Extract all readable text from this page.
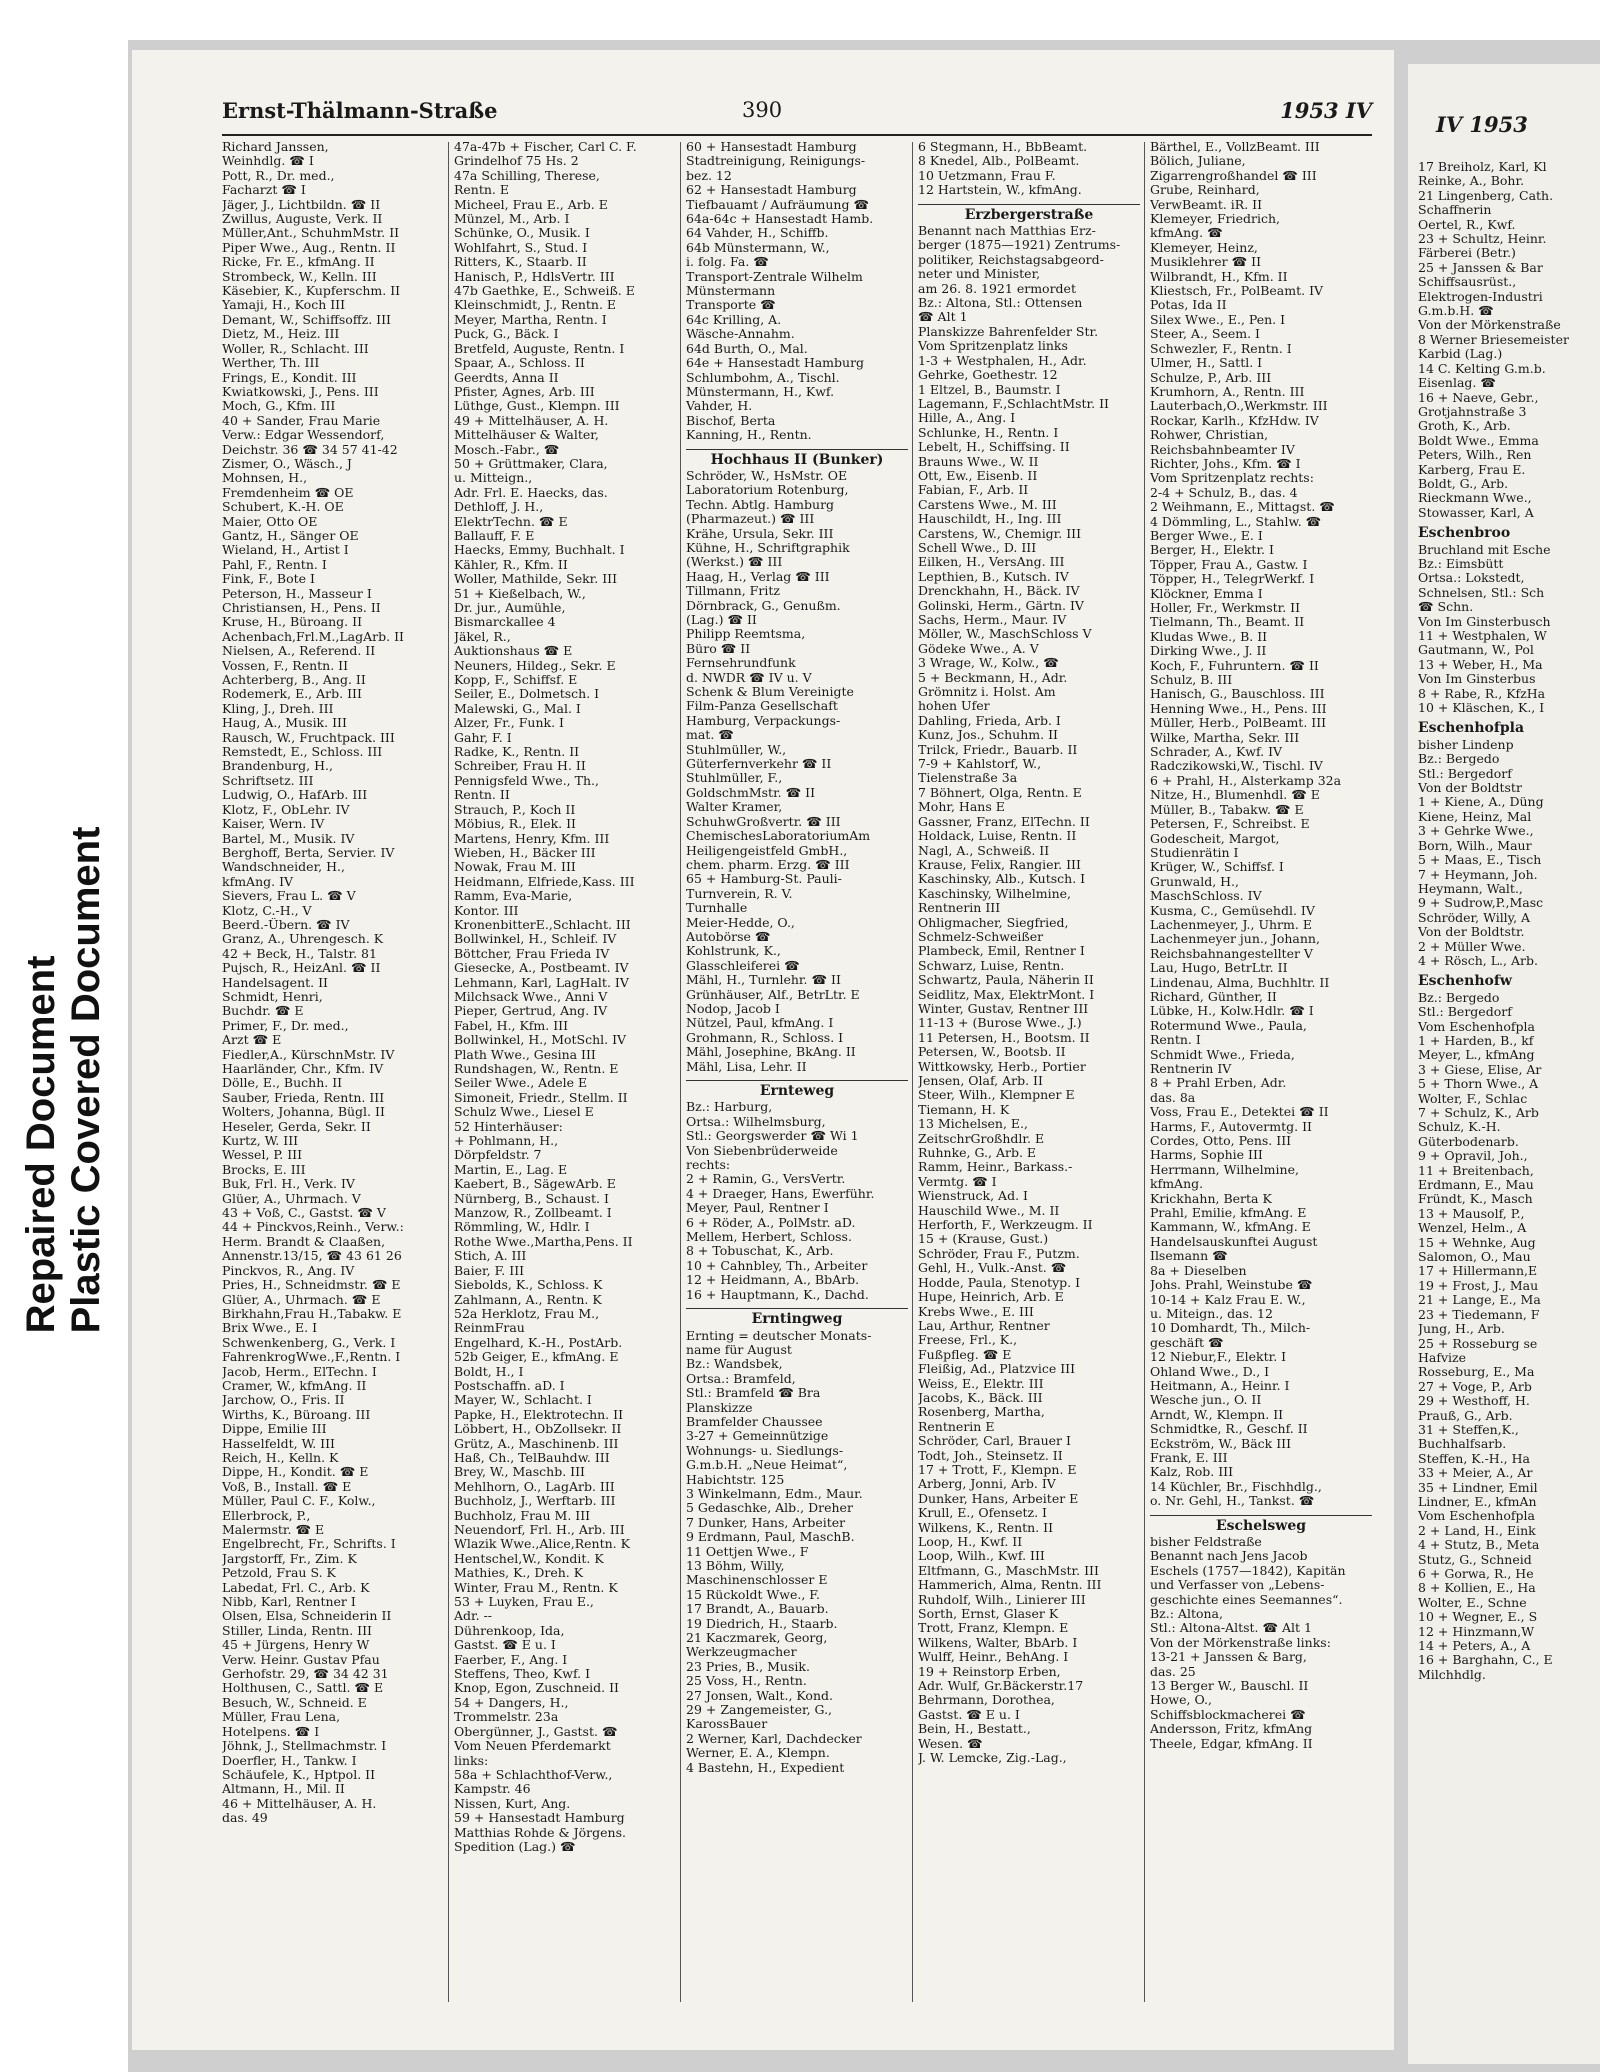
Repaired Document Plastic Covered Document
Ernst-Thälmann-Straße	390	1953 IV
Richard Janssen,
Weinhdlg. ☎ I
Pott, R., Dr. med.,
Facharzt ☎ I
Jäger, J., Lichtbildn. ☎ II
Zwillus, Auguste, Verk. II
Müller,Ant., SchuhmMstr. II
Piper Wwe., Aug., Rentn. II
Ricke, Fr. E., kfmAng. II
Strombeck, W., Kelln. III
Käsebier, K., Kupferschm. II
Yamaji, H., Koch III
Demant, W., Schiffsoffz. III
Dietz, M., Heiz. III
Woller, R., Schlacht. III
Werther, Th. III
Frings, E., Kondit. III
Kwiatkowski, J., Pens. III
Moch, G., Kfm. III
40 + Sander, Frau Marie
Verw.: Edgar Wessendorf,
Deichstr. 36 ☎ 34 57 41-42
Zismer, O., Wäsch., J
Mohnsen, H.,
Fremdenheim ☎ OE
Schubert, K.-H. OE
Maier, Otto OE
Gantz, H., Sänger OE
Wieland, H., Artist I
Pahl, F., Rentn. I
Fink, F., Bote I
Peterson, H., Masseur I
Christiansen, H., Pens. II
Kruse, H., Büroang. II
Achenbach,Frl.M.,LagArb. II
Nielsen, A., Referend. II
Vossen, F., Rentn. II
Achterberg, B., Ang. II
Rodemerk, E., Arb. III
Kling, J., Dreh. III
Haug, A., Musik. III
Rausch, W., Fruchtpack. III
Remstedt, E., Schloss. III
Brandenburg, H.,
Schriftsetz. III
Ludwig, O., HafArb. III
Klotz, F., ObLehr. IV
Kaiser, Wern. IV
Bartel, M., Musik. IV
Berghoff, Berta, Servier. IV
Wandschneider, H.,
kfmAng. IV
Sievers, Frau L. ☎ V
Klotz, C.-H., V
Beerd.-Übern. ☎ IV
Granz, A., Uhrengesch. K
42 + Beck, H., Talstr. 81
Pujsch, R., HeizAnl. ☎ II
Handelsagent. II
Schmidt, Henri,
Buchdr. ☎ E
Primer, F., Dr. med.,
Arzt ☎ E
Fiedler,A., KürschnMstr. IV
Haarländer, Chr., Kfm. IV
Dölle, E., Buchh. II
Sauber, Frieda, Rentn. III
Wolters, Johanna, Bügl. II
Heseler, Gerda, Sekr. II
Kurtz, W. III
Wessel, P. III
Brocks, E. III
Buk, Frl. H., Verk. IV
Glüer, A., Uhrmach. V
43 + Voß, C., Gastst. ☎ V
44 + Pinckvos,Reinh., Verw.:
Herm. Brandt & Claaßen,
Annenstr.13/15, ☎ 43 61 26
Pinckvos, R., Ang. IV
Pries, H., Schneidmstr. ☎ E
Glüer, A., Uhrmach. ☎ E
Birkhahn,Frau H.,Tabakw. E
Brix Wwe., E. I
Schwenkenberg, G., Verk. I
FahrenkrogWwe.,F.,Rentn. I
Jacob, Herm., ElTechn. I
Cramer, W., kfmAng. II
Jarchow, O., Fris. II
Wirths, K., Büroang. III
Dippe, Emilie III
Hasselfeldt, W. III
Reich, H., Kelln. K
Dippe, H., Kondit. ☎ E
Voß, B., Install. ☎ E
Müller, Paul C. F., Kolw.,
Ellerbrock, P.,
Malermstr. ☎ E
Engelbrecht, Fr., Schrifts. I
Jargstorff, Fr., Zim. K
Petzold, Frau S. K
Labedat, Frl. C., Arb. K
Nibb, Karl, Rentner I
Olsen, Elsa, Schneiderin II
Stiller, Linda, Rentn. III
45 + Jürgens, Henry W
Verw. Heinr. Gustav Pfau
Gerhofstr. 29, ☎ 34 42 31
Holthusen, C., Sattl. ☎ E
Besuch, W., Schneid. E
Müller, Frau Lena,
Hotelpens. ☎ I
Jöhnk, J., Stellmachmstr. I
Doerfler, H., Tankw. I
Schäufele, K., Hptpol. II
Altmann, H., Mil. II
46 + Mittelhäuser, A. H.
das. 49
47a-47b + Fischer, Carl C. F.
Grindelhof 75 Hs. 2
47a Schilling, Therese,
Rentn. E
Micheel, Frau E., Arb. E
Münzel, M., Arb. I
Schünke, O., Musik. I
Wohlfahrt, S., Stud. I
Ritters, K., Staarb. II
Hanisch, P., HdlsVertr. III
47b Gaethke, E., Schweiß. E
Kleinschmidt, J., Rentn. E
Meyer, Martha, Rentn. I
Puck, G., Bäck. I
Bretfeld, Auguste, Rentn. I
Spaar, A., Schloss. II
Geerdts, Anna II
Pfister, Agnes, Arb. III
Lüthge, Gust., Klempn. III
49 + Mittelhäuser, A. H.
Mittelhäuser & Walter,
Mosch.-Fabr., ☎
50 + Grüttmaker, Clara,
u. Mitteign.,
Adr. Frl. E. Haecks, das.
Dethloff, J. H.,
ElektrTechn. ☎ E
Ballauff, F. E
Haecks, Emmy, Buchhalt. I
Kähler, R., Kfm. II
Woller, Mathilde, Sekr. III
51 + Kießelbach, W.,
Dr. jur., Aumühle,
Bismarckallee 4
Jäkel, R.,
Auktionshaus ☎ E
Neuners, Hildeg., Sekr. E
Kopp, F., Schiffsf. E
Seiler, E., Dolmetsch. I
Malewski, G., Mal. I
Alzer, Fr., Funk. I
Gahr, F. I
Radke, K., Rentn. II
Schreiber, Frau H. II
Pennigsfeld Wwe., Th.,
Rentn. II
Strauch, P., Koch II
Möbius, R., Elek. II
Martens, Henry, Kfm. III
Wieben, H., Bäcker III
Nowak, Frau M. III
Heidmann, Elfriede,Kass. III
Ramm, Eva-Marie,
Kontor. III
KronenbitterE.,Schlacht. III
Bollwinkel, H., Schleif. IV
Böttcher, Frau Frieda IV
Giesecke, A., Postbeamt. IV
Lehmann, Karl, LagHalt. IV
Milchsack Wwe., Anni V
Pieper, Gertrud, Ang. IV
Fabel, H., Kfm. III
Bollwinkel, H., MotSchl. IV
Plath Wwe., Gesina III
Rundshagen, W., Rentn. E
Seiler Wwe., Adele E
Simoneit, Friedr., Stellm. II
Schulz Wwe., Liesel E
52 Hinterhäuser:
+ Pohlmann, H.,
Dörpfeldstr. 7
Martin, E., Lag. E
Kaebert, B., SägewArb. E
Nürnberg, B., Schaust. I
Manzow, R., Zollbeamt. I
Römmling, W., Hdlr. I
Rothe Wwe.,Martha,Pens. II
Stich, A. III
Baier, F. III
Siebolds, K., Schloss. K
Zahlmann, A., Rentn. K
52a Herklotz, Frau M.,
ReinmFrau
Engelhard, K.-H., PostArb.
52b Geiger, E., kfmAng. E
Boldt, H., I
Postschaffn. aD. I
Mayer, W., Schlacht. I
Papke, H., Elektrotechn. II
Löbbert, H., ObZollsekr. II
Grütz, A., Maschinenb. III
Haß, Ch., TelBauhdw. III
Brey, W., Maschb. III
Mehlhorn, O., LagArb. III
Buchholz, J., Werftarb. III
Buchholz, Frau M. III
Neuendorf, Frl. H., Arb. III
Wlazik Wwe.,Alice,Rentn. K
Hentschel,W., Kondit. K
Mathies, K., Dreh. K
Winter, Frau M., Rentn. K
53 + Luyken, Frau E.,
Adr. --
Dührenkoop, Ida,
Gastst. ☎ E u. I
Faerber, F., Ang. I
Steffens, Theo, Kwf. I
Knop, Egon, Zuschneid. II
54 + Dangers, H.,
Trommelstr. 23a
Obergünner, J., Gastst. ☎
Vom Neuen Pferdemarkt
links:
58a + Schlachthof-Verw.,
Kampstr. 46
Nissen, Kurt, Ang.
59 + Hansestadt Hamburg
Matthias Rohde & Jörgens.
Spedition (Lag.) ☎
60 + Hansestadt Hamburg
Stadtreinigung, Reinigungs-
bez. 12
62 + Hansestadt Hamburg
Tiefbauamt / Aufräumung ☎
64a-64c + Hansestadt Hamb.
64 Vahder, H., Schiffb.
64b Münstermann, W.,
i. folg. Fa. ☎
Transport-Zentrale Wilhelm
Münstermann
Transporte ☎
64c Krilling, A.
Wäsche-Annahm.
64d Burth, O., Mal.
64e + Hansestadt Hamburg
Schlumbohm, A., Tischl.
Münstermann, H., Kwf.
Vahder, H.
Bischof, Berta
Kanning, H., Rentn.
Hochhaus II (Bunker)
Schröder, W., HsMstr. OE
Laboratorium Rotenburg,
Techn. Abtlg. Hamburg
(Pharmazeut.) ☎ III
Krähe, Ursula, Sekr. III
Kühne, H., Schriftgraphik
(Werkst.) ☎ III
Haag, H., Verlag ☎ III
Tillmann, Fritz
Dörnbrack, G., Genußm.
(Lag.) ☎ II
Philipp Reemtsma,
Büro ☎ II
Fernsehrundfunk
d. NWDR ☎ IV u. V
Schenk & Blum Vereinigte
Film-Panza Gesellschaft
Hamburg, Verpackungs-
mat. ☎
Stuhlmüller, W.,
Güterfernverkehr ☎ II
Stuhlmüller, F.,
GoldschmMstr. ☎ II
Walter Kramer,
SchuhwGroßvertr. ☎ III
ChemischesLaboratoriumAm
Heiligengeistfeld GmbH.,
chem. pharm. Erzg. ☎ III
65 + Hamburg-St. Pauli-
Turnverein, R. V.
Turnhalle
Meier-Hedde, O.,
Autobörse ☎
Kohlstrunk, K.,
Glasschleiferei ☎
Mähl, H., Turnlehr. ☎ II
Grünhäuser, Alf., BetrLtr. E
Nodop, Jacob I
Nützel, Paul, kfmAng. I
Grohmann, R., Schloss. I
Mähl, Josephine, BkAng. II
Mähl, Lisa, Lehr. II
Ernteweg
Bz.: Harburg,
Ortsa.: Wilhelmsburg,
Stl.: Georgswerder ☎ Wi 1
Von Siebenbrüderweide
rechts:
2 + Ramin, G., VersVertr.
4 + Draeger, Hans, Ewerführ.
Meyer, Paul, Rentner I
6 + Röder, A., PolMstr. aD.
Mellem, Herbert, Schloss.
8 + Tobuschat, K., Arb.
10 + Cahnbley, Th., Arbeiter
12 + Heidmann, A., BbArb.
16 + Hauptmann, K., Dachd.
Erntingweg
Ernting = deutscher Monats-
name für August
Bz.: Wandsbek,
Ortsa.: Bramfeld,
Stl.: Bramfeld ☎ Bra
Planskizze
Bramfelder Chaussee
3-27 + Gemeinnützige
Wohnungs- u. Siedlungs-
G.m.b.H. „Neue Heimat“,
Habichtstr. 125
3 Winkelmann, Edm., Maur.
5 Gedaschke, Alb., Dreher
7 Dunker, Hans, Arbeiter
9 Erdmann, Paul, MaschB.
11 Oettjen Wwe., F
13 Böhm, Willy,
Maschinenschlosser E
15 Rückoldt Wwe., F.
17 Brandt, A., Bauarb.
19 Diedrich, H., Staarb.
21 Kaczmarek, Georg,
Werkzeugmacher
23 Pries, B., Musik.
25 Voss, H., Rentn.
27 Jonsen, Walt., Kond.
29 + Zangemeister, G.,
KarossBauer
2 Werner, Karl, Dachdecker
Werner, E. A., Klempn.
4 Bastehn, H., Expedient
6 Stegmann, H., BbBeamt.
8 Knedel, Alb., PolBeamt.
10 Uetzmann, Frau F.
12 Hartstein, W., kfmAng.
Erzbergerstraße
Benannt nach Matthias Erz-
berger (1875—1921) Zentrums-
politiker, Reichstagsabgeord-
neter und Minister,
am 26. 8. 1921 ermordet
Bz.: Altona, Stl.: Ottensen
☎ Alt 1
Planskizze Bahrenfelder Str.
Vom Spritzenplatz links
1-3 + Westphalen, H., Adr.
Gehrke, Goethestr. 12
1 Eltzel, B., Baumstr. I
Lagemann, F.,SchlachtMstr. II
Hille, A., Ang. I
Schlunke, H., Rentn. I
Lebelt, H., Schiffsing. II
Brauns Wwe., W. II
Ott, Ew., Eisenb. II
Fabian, F., Arb. II
Carstens Wwe., M. III
Hauschildt, H., Ing. III
Carstens, W., Chemigr. III
Schell Wwe., D. III
Eilken, H., VersAng. III
Lepthien, B., Kutsch. IV
Drenckhahn, H., Bäck. IV
Golinski, Herm., Gärtn. IV
Sachs, Herm., Maur. IV
Möller, W., MaschSchloss V
Gödeke Wwe., A. V
3 Wrage, W., Kolw., ☎
5 + Beckmann, H., Adr.
Grömnitz i. Holst. Am
hohen Ufer
Dahling, Frieda, Arb. I
Kunz, Jos., Schuhm. II
Trilck, Friedr., Bauarb. II
7-9 + Kahlstorf, W.,
Tielenstraße 3a
7 Böhnert, Olga, Rentn. E
Mohr, Hans E
Gassner, Franz, ElTechn. II
Holdack, Luise, Rentn. II
Nagl, A., Schweiß. II
Krause, Felix, Rangier. III
Kaschinsky, Alb., Kutsch. I
Kaschinsky, Wilhelmine,
Rentnerin III
Ohligmacher, Siegfried,
Schmelz-Schweißer
Plambeck, Emil, Rentner I
Schwarz, Luise, Rentn.
Schwartz, Paula, Näherin II
Seidlitz, Max, ElektrMont. I
Winter, Gustav, Rentner III
11-13 + (Burose Wwe., J.)
11 Petersen, H., Bootsm. II
Petersen, W., Bootsb. II
Wittkowsky, Herb., Portier
Jensen, Olaf, Arb. II
Steer, Wilh., Klempner E
Tiemann, H. K
13 Michelsen, E.,
ZeitschrGroßhdlr. E
Ruhnke, G., Arb. E
Ramm, Heinr., Barkass.-
Vermtg. ☎ I
Wienstruck, Ad. I
Hauschild Wwe., M. II
Herforth, F., Werkzeugm. II
15 + (Krause, Gust.)
Schröder, Frau F., Putzm.
Gehl, H., Vulk.-Anst. ☎
Hodde, Paula, Stenotyp. I
Hupe, Heinrich, Arb. E
Krebs Wwe., E. III
Lau, Arthur, Rentner
Freese, Frl., K.,
Fußpfleg. ☎ E
Fleißig, Ad., Platzvice III
Weiss, E., Elektr. III
Jacobs, K., Bäck. III
Rosenberg, Martha,
Rentnerin E
Schröder, Carl, Brauer I
Todt, Joh., Steinsetz. II
17 + Trott, F., Klempn. E
Arberg, Jonni, Arb. IV
Dunker, Hans, Arbeiter E
Krull, E., Ofensetz. I
Wilkens, K., Rentn. II
Loop, H., Kwf. II
Loop, Wilh., Kwf. III
Eltfmann, G., MaschMstr. III
Hammerich, Alma, Rentn. III
Ruhdolf, Wilh., Linierer III
Sorth, Ernst, Glaser K
Trott, Franz, Klempn. E
Wilkens, Walter, BbArb. I
Wulff, Heinr., BehAng. I
19 + Reinstorp Erben,
Adr. Wulf, Gr.Bäckerstr.17
Behrmann, Dorothea,
Gastst. ☎ E u. I
Bein, H., Bestatt.,
Wesen. ☎
J. W. Lemcke, Zig.-Lag.,
Bärthel, E., VollzBeamt. III
Bölich, Juliane,
Zigarrengroßhandel ☎ III
Grube, Reinhard,
VerwBeamt. iR. II
Klemeyer, Friedrich,
kfmAng. ☎
Klemeyer, Heinz,
Musiklehrer ☎ II
Wilbrandt, H., Kfm. II
Kliestsch, Fr., PolBeamt. IV
Potas, Ida II
Silex Wwe., E., Pen. I
Steer, A., Seem. I
Schwezler, F., Rentn. I
Ulmer, H., Sattl. I
Schulze, P., Arb. III
Krumhorn, A., Rentn. III
Lauterbach,O.,Werkmstr. III
Rockar, Karlh., KfzHdw. IV
Rohwer, Christian,
Reichsbahnbeamter IV
Richter, Johs., Kfm. ☎ I
Vom Spritzenplatz rechts:
2-4 + Schulz, B., das. 4
2 Weihmann, E., Mittagst. ☎
4 Dömmling, L., Stahlw. ☎
Berger Wwe., E. I
Berger, H., Elektr. I
Töpper, Frau A., Gastw. I
Töpper, H., TelegrWerkf. I
Klöckner, Emma I
Holler, Fr., Werkmstr. II
Tielmann, Th., Beamt. II
Kludas Wwe., B. II
Dirking Wwe., J. II
Koch, F., Fuhruntern. ☎ II
Schulz, B. III
Hanisch, G., Bauschloss. III
Henning Wwe., H., Pens. III
Müller, Herb., PolBeamt. III
Wilke, Martha, Sekr. III
Schrader, A., Kwf. IV
Radczikowski,W., Tischl. IV
6 + Prahl, H., Alsterkamp 32a
Nitze, H., Blumenhdl. ☎ E
Müller, B., Tabakw. ☎ E
Petersen, F., Schreibst. E
Godescheit, Margot,
Studienrätin I
Krüger, W., Schiffsf. I
Grunwald, H.,
MaschSchloss. IV
Kusma, C., Gemüsehdl. IV
Lachenmeyer, J., Uhrm. E
Lachenmeyer jun., Johann,
Reichsbahnangestellter V
Lau, Hugo, BetrLtr. II
Lindenau, Alma, Buchhltr. II
Richard, Günther, II
Lübke, H., Kolw.Hdlr. ☎ I
Rotermund Wwe., Paula,
Rentn. I
Schmidt Wwe., Frieda,
Rentnerin IV
8 + Prahl Erben, Adr.
das. 8a
Voss, Frau E., Detektei ☎ II
Harms, F., Autovermtg. II
Cordes, Otto, Pens. III
Harms, Sophie III
Herrmann, Wilhelmine,
kfmAng.
Krickhahn, Berta K
Prahl, Emilie, kfmAng. E
Kammann, W., kfmAng. E
Handelsauskunftei August
Ilsemann ☎
8a + Dieselben
Johs. Prahl, Weinstube ☎
10-14 + Kalz Frau E. W.,
u. Miteign., das. 12
10 Domhardt, Th., Milch-
geschäft ☎
12 Niebur,F., Elektr. I
Ohland Wwe., D., I
Heitmann, A., Heinr. I
Wesche jun., O. II
Arndt, W., Klempn. II
Schmidtke, R., Geschf. II
Eckström, W., Bäck III
Frank, E. III
Kalz, Rob. III
14 Küchler, Br., Fischhdlg.,
o. Nr. Gehl, H., Tankst. ☎
Eschelsweg
bisher Feldstraße
Benannt nach Jens Jacob
Eschels (1757—1842), Kapitän
und Verfasser von „Lebens-
geschichte eines Seemannes“.
Bz.: Altona,
Stl.: Altona-Altst. ☎ Alt 1
Von der Mörkenstraße links:
13-21 + Janssen & Barg,
das. 25
13 Berger W., Bauschl. II
Howe, O.,
Schiffsblockmacherei ☎
Andersson, Fritz, kfmAng
Theele, Edgar, kfmAng. II
IV 1953
17 Breiholz, Karl, Kl
Reinke, A., Bohr.
21 Lingenberg, Cath.
Schaffnerin
Oertel, R., Kwf.
23 + Schultz, Heinr.
Färberei (Betr.)
25 + Janssen & Bar
Schiffsausrüst.,
Elektrogen-Industri
G.m.b.H. ☎
Von der Mörkenstraße
8 Werner Briesemeister
Karbid (Lag.)
14 C. Kelting G.m.b.
Eisenlag. ☎
16 + Naeve, Gebr.,
Grotjahnstraße 3
Groth, K., Arb.
Boldt Wwe., Emma
Peters, Wilh., Ren
Karberg, Frau E.
Boldt, G., Arb.
Rieckmann Wwe.,
Stowasser, Karl, A
Eschenbroo
Bruchland mit Esche
Bz.: Eimsbütt
Ortsa.: Lokstedt,
Schnelsen, Stl.: Sch
☎ Schn.
Von Im Ginsterbusch
11 + Westphalen, W
Gautmann, W., Pol
13 + Weber, H., Ma
Von Im Ginsterbus
8 + Rabe, R., KfzHa
10 + Kläschen, K., I
Eschenhofpla
bisher Lindenp
Bz.: Bergedo
Stl.: Bergedorf
Von der Boldtstr
1 + Kiene, A., Düng
Kiene, Heinz, Mal
3 + Gehrke Wwe.,
Born, Wilh., Maur
5 + Maas, E., Tisch
7 + Heymann, Joh.
Heymann, Walt.,
9 + Sudrow,P.,Masc
Schröder, Willy, A
Von der Boldtstr.
2 + Müller Wwe.
4 + Rösch, L., Arb.
Eschenhofw
Bz.: Bergedo
Stl.: Bergedorf
Vom Eschenhofpla
1 + Harden, B., kf
Meyer, L., kfmAng
3 + Giese, Elise, Ar
5 + Thorn Wwe., A
Wolter, F., Schlac
7 + Schulz, K., Arb
Schulz, K.-H.
Güterbodenarb.
9 + Opravil, Joh.,
11 + Breitenbach,
Erdmann, E., Mau
Fründt, K., Masch
13 + Mausolf, P.,
Wenzel, Helm., A
15 + Wehnke, Aug
Salomon, O., Mau
17 + Hillermann,E
19 + Frost, J., Mau
21 + Lange, E., Ma
23 + Tiedemann, F
Jung, H., Arb.
25 + Rosseburg se
Hafvize
Rosseburg, E., Ma
27 + Voge, P., Arb
29 + Westhoff, H.
Prauß, G., Arb.
31 + Steffen,K.,
Buchhalfsarb.
Steffen, K.-H., Ha
33 + Meier, A., Ar
35 + Lindner, Emil
Lindner, E., kfmAn
Vom Eschenhofpla
2 + Land, H., Eink
4 + Stutz, B., Meta
Stutz, G., Schneid
6 + Gorwa, R., He
8 + Kollien, E., Ha
Wolter, E., Schne
10 + Wegner, E., S
12 + Hinzmann,W
14 + Peters, A., A
16 + Barghahn, C., E
Milchhdlg.
